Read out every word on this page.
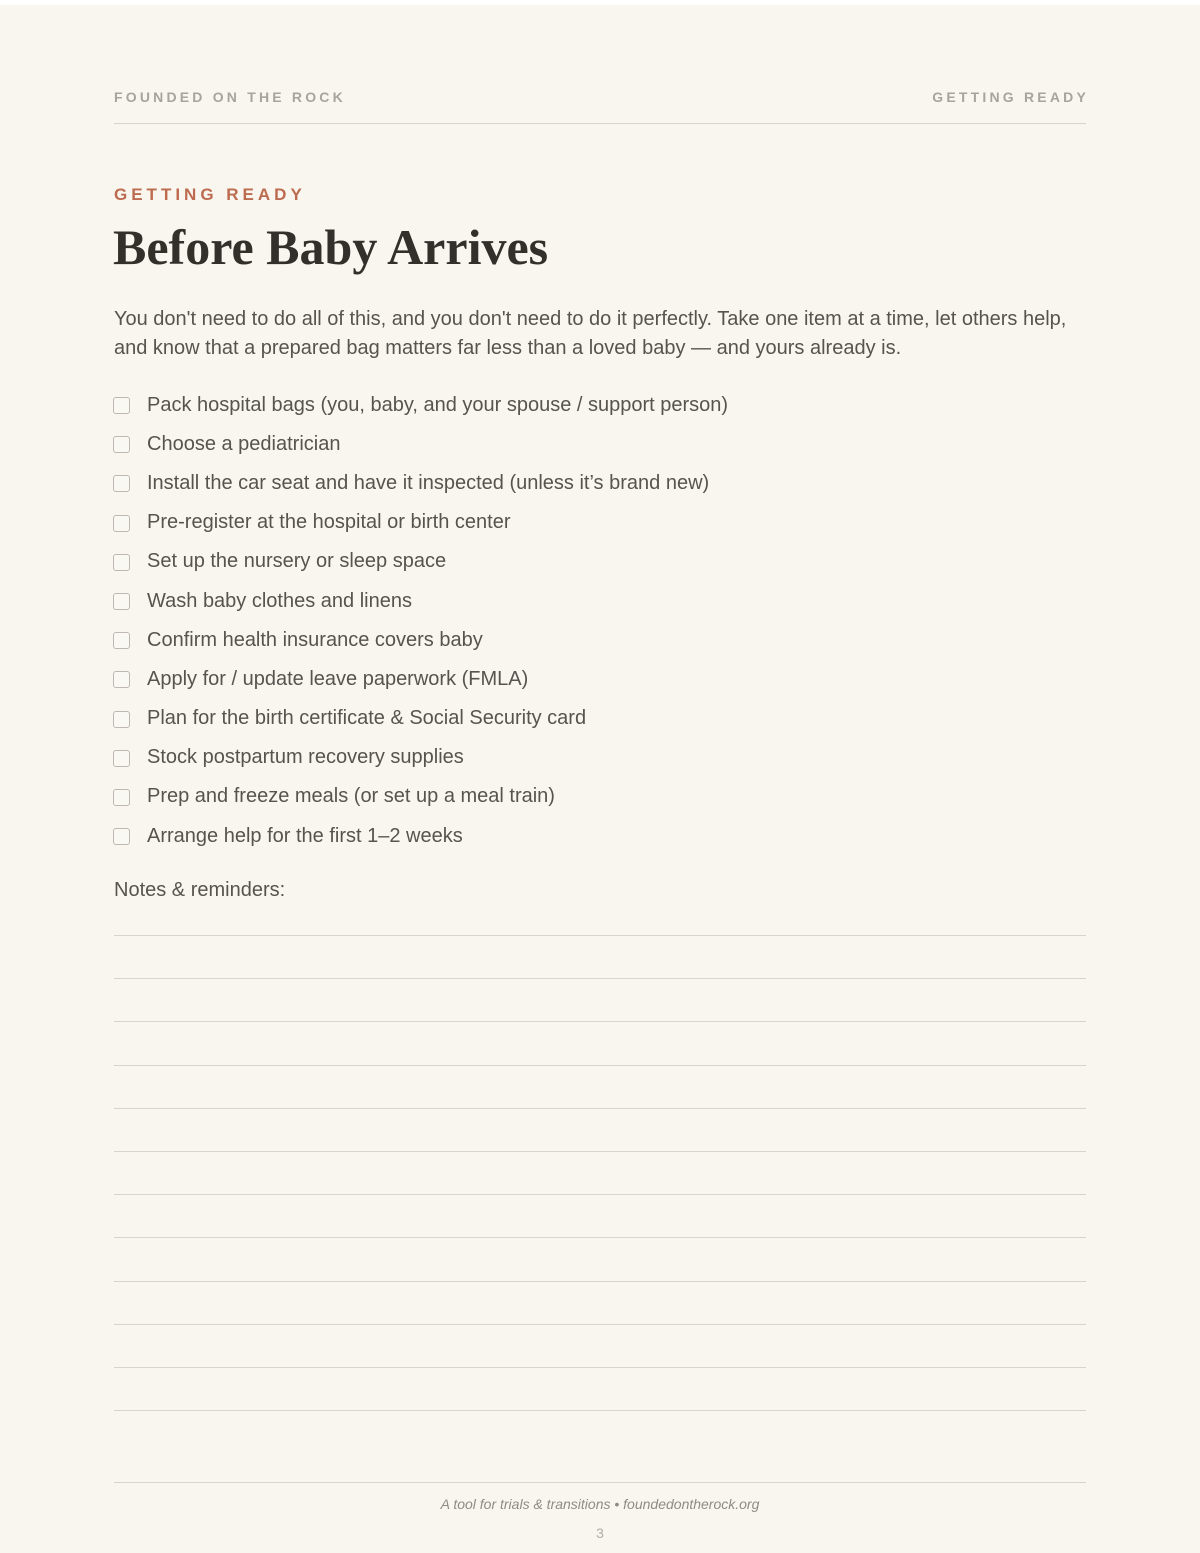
FOUNDED ON THE ROCK	GETTING READY
GETTING READY
Before Baby Arrives

You don't need to do all of this, and you don't need to do it perfectly. Take one item at a time, let others help, and know that a prepared bag matters far less than a loved baby — and yours already is.

Pack hospital bags (you, baby, and your spouse / support person)
Choose a pediatrician
Install the car seat and have it inspected (unless it’s brand new)
Pre-register at the hospital or birth center
Set up the nursery or sleep space
Wash baby clothes and linens
Confirm health insurance covers baby
Apply for / update leave paperwork (FMLA)
Plan for the birth certificate & Social Security card
Stock postpartum recovery supplies
Prep and freeze meals (or set up a meal train)
Arrange help for the first 1–2 weeks
Notes & reminders:
A tool for trials & transitions • foundedontherock.org
3
